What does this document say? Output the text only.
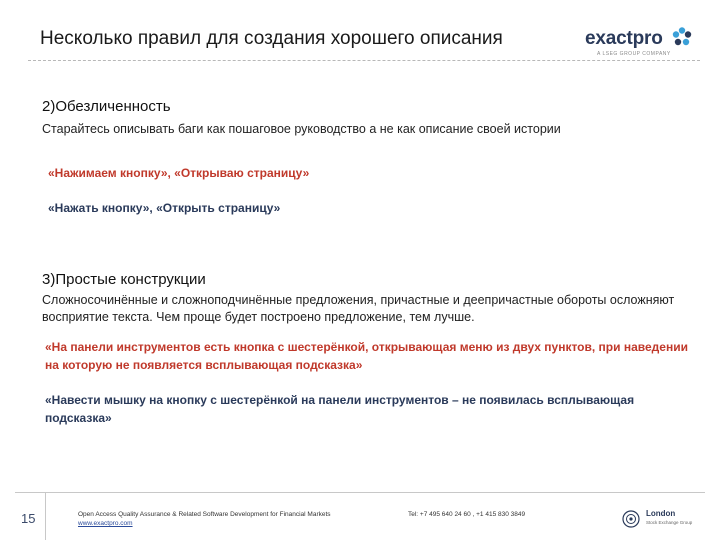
Несколько правил для создания хорошего описания	exactpro
A LSEG GROUP COMPANY
2)Обезличенность
Старайтесь описывать баги как пошаговое руководство а не как описание своей истории
«Нажимаем кнопку», «Открываю страницу»
«Нажать кнопку», «Открыть страницу»
3)Простые конструкции
Сложносочинённые и сложноподчинённые предложения, причастные и деепричастные обороты осложняют восприятие текста. Чем проще будет построено предложение, тем лучше.
«На панели инструментов есть кнопка с шестерёнкой, открывающая меню из двух пунктов, при наведении на которую не появляется всплывающая подсказка»
«Навести мышку на кнопку с шестерёнкой на панели инструментов – не появилась всплывающая подсказка»
15	Open Access Quality Assurance & Related Software Development for Financial Markets
www.exactpro.com
Tel: +7 495 640 24 60 , +1 415 830 3849	London
Stock Exchange Group
